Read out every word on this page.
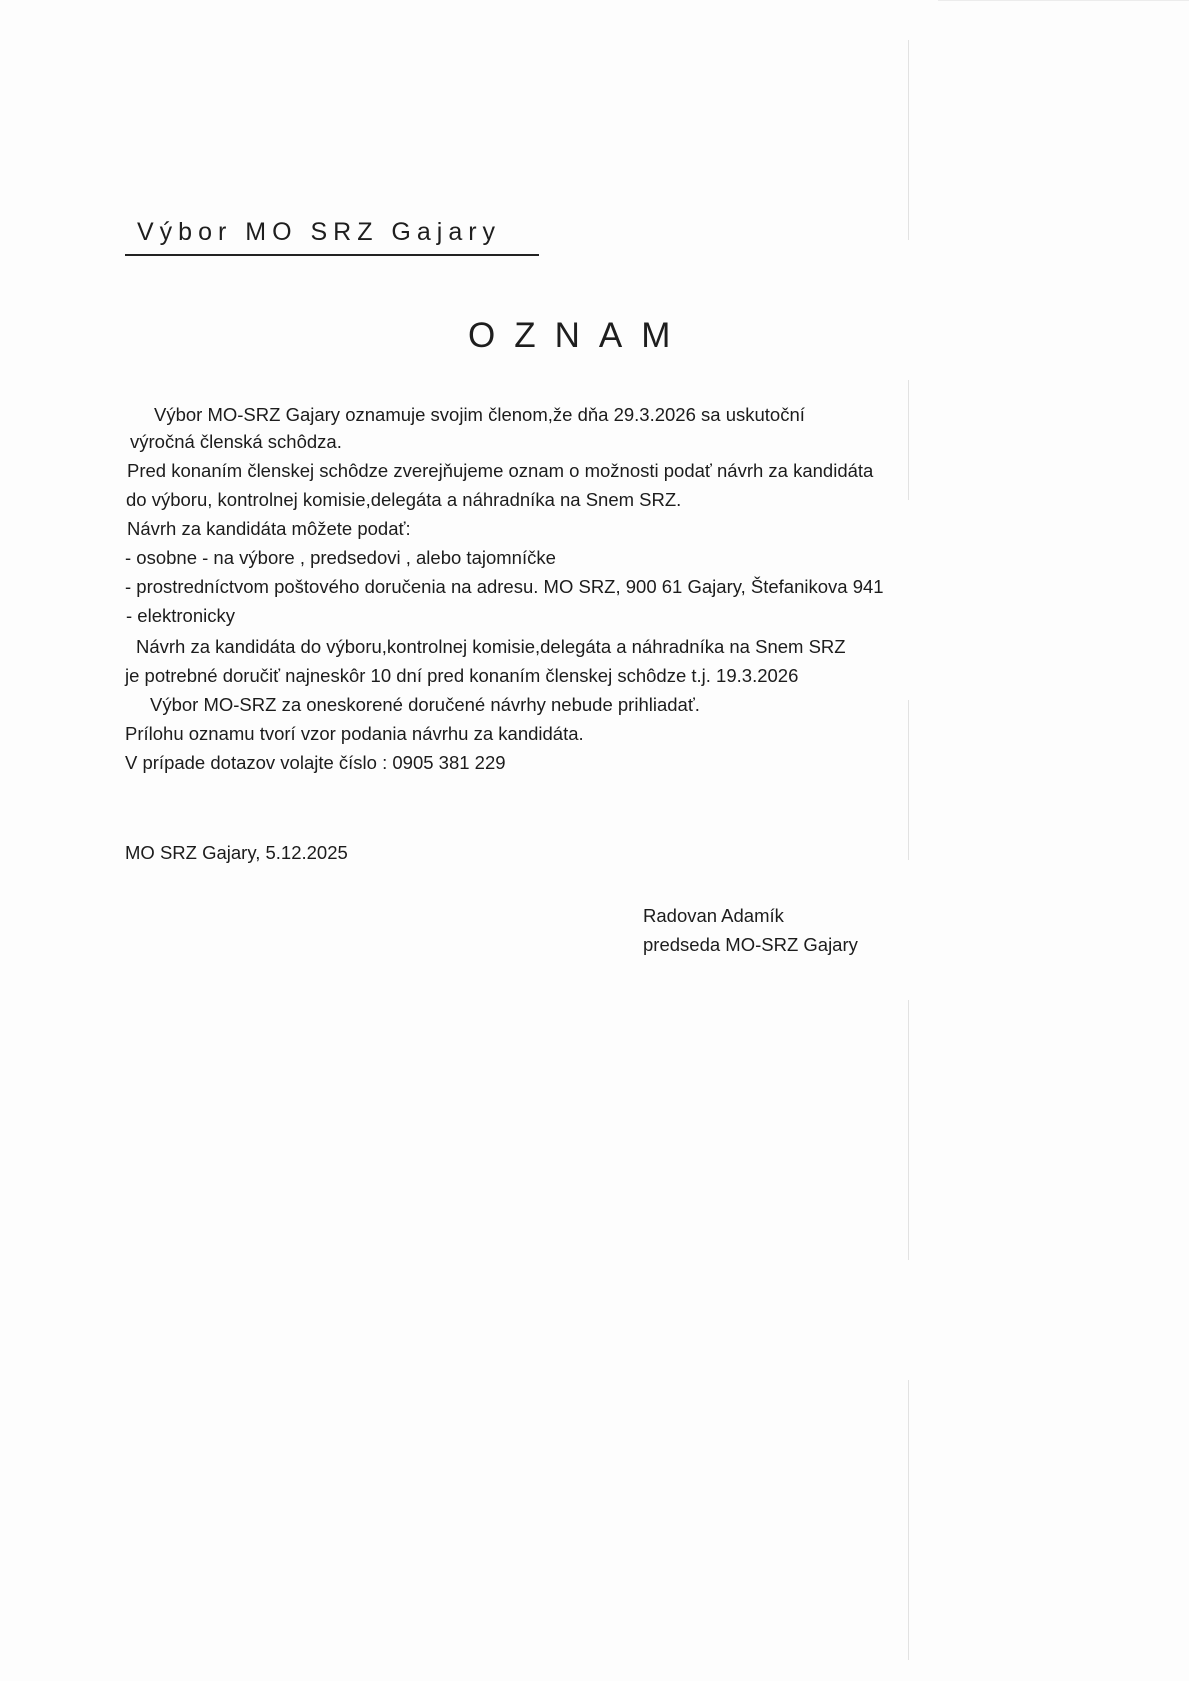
Výbor MO SRZ Gajary
OZNAM
Výbor MO-SRZ Gajary oznamuje svojim členom,že dňa 29.3.2026 sa uskutoční
výročná členská schôdza.
Pred konaním členskej schôdze zverejňujeme oznam o možnosti podať návrh za kandidáta
do výboru, kontrolnej komisie,delegáta a náhradníka na Snem SRZ.
Návrh za kandidáta môžete podať:
- osobne - na výbore , predsedovi , alebo tajomníčke
- prostredníctvom poštového doručenia na adresu. MO SRZ, 900 61 Gajary, Štefanikova 941
- elektronicky
Návrh za kandidáta do výboru,kontrolnej komisie,delegáta a náhradníka na Snem SRZ
je potrebné doručiť najneskôr 10 dní pred konaním členskej schôdze t.j. 19.3.2026
Výbor MO-SRZ za oneskorené doručené návrhy nebude prihliadať.
Prílohu oznamu tvorí vzor podania návrhu za kandidáta.
V prípade dotazov volajte číslo : 0905 381 229
MO SRZ Gajary, 5.12.2025
Radovan Adamík
predseda MO-SRZ Gajary
